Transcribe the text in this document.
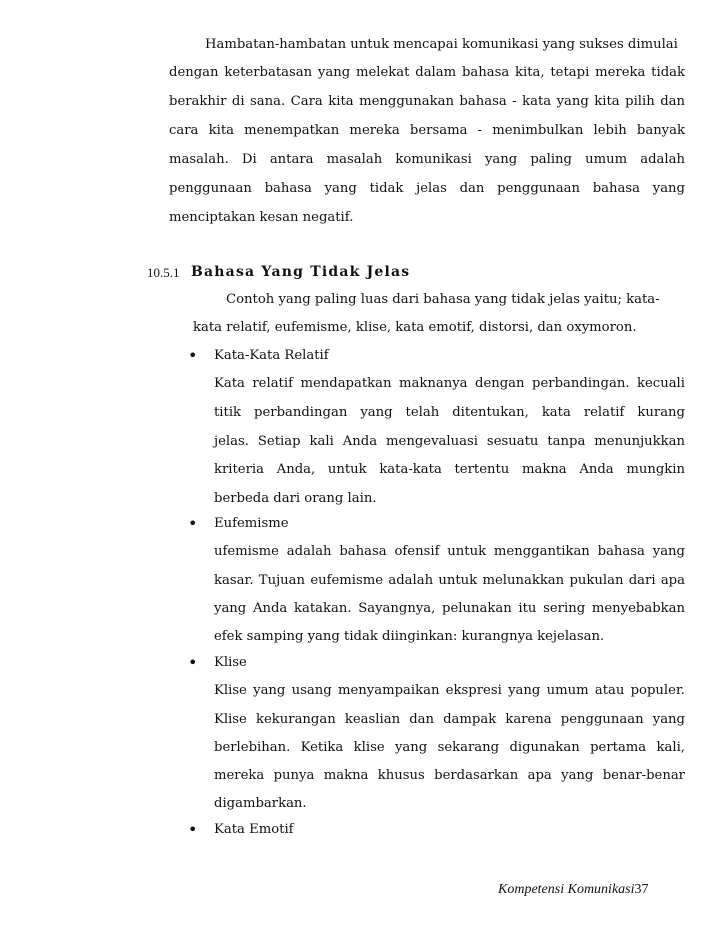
Hambatan-hambatan untuk mencapai komunikasi yang sukses dimulai
dengan keterbatasan yang melekat dalam bahasa kita, tetapi mereka tidak
berakhir di sana. Cara kita menggunakan bahasa - kata yang kita pilih dan
cara kita menempatkan mereka bersama - menimbulkan lebih banyak
masalah. Di antara masalah komunikasi yang paling umum adalah
penggunaan bahasa yang tidak jelas dan penggunaan bahasa yang
menciptakan kesan negatif.
10.5.1 Bahasa Yang Tidak Jelas
Contoh yang paling luas dari bahasa yang tidak jelas yaitu; kata-
kata relatif, eufemisme, klise, kata emotif, distorsi, dan oxymoron.
• Kata-Kata Relatif
Kata relatif mendapatkan maknanya dengan perbandingan. kecuali
titik perbandingan yang telah ditentukan, kata relatif kurang
jelas. Setiap kali Anda mengevaluasi sesuatu tanpa menunjukkan
kriteria Anda, untuk kata-kata tertentu makna Anda mungkin
berbeda dari orang lain.
• Eufemisme
ufemisme adalah bahasa ofensif untuk menggantikan bahasa yang
kasar. Tujuan eufemisme adalah untuk melunakkan pukulan dari apa
yang Anda katakan. Sayangnya, pelunakan itu sering menyebabkan
efek samping yang tidak diinginkan: kurangnya kejelasan.
• Klise
Klise yang usang menyampaikan ekspresi yang umum atau populer.
Klise kekurangan keaslian dan dampak karena penggunaan yang
berlebihan. Ketika klise yang sekarang digunakan pertama kali,
mereka punya makna khusus berdasarkan apa yang benar-benar
digambarkan.
• Kata Emotif
Kompetensi Komunikasi37
